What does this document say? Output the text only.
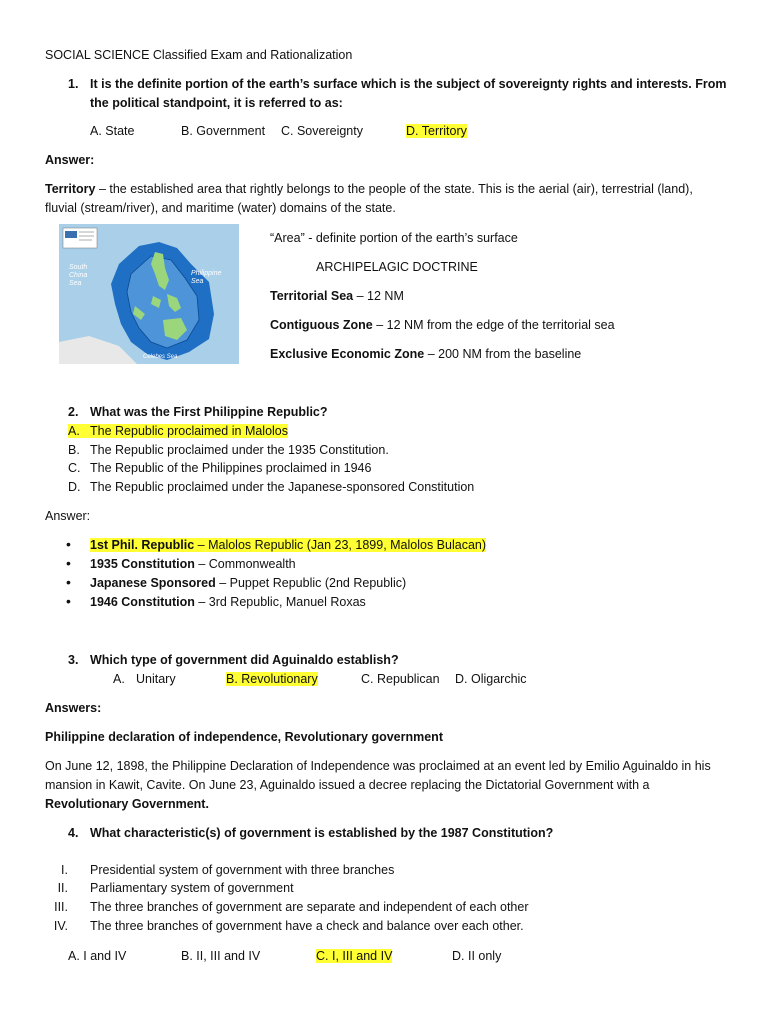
SOCIAL SCIENCE Classified Exam and Rationalization
1. It is the definite portion of the earth’s surface which is the subject of sovereignty rights and interests. From
the political standpoint, it is referred to as:
A. State	B. Government C. Sovereignty	D. Territory
Answer:
Territory – the established area that rightly belongs to the people of the state. This is the aerial (air), terrestrial (land),
fluvial (stream/river), and maritime (water) domains of the state.
South
China
Sea
Philippine
Sea
Celebes Sea
“Area” - definite portion of the earth’s surface
ARCHIPELAGIC DOCTRINE
Territorial Sea – 12 NM
Contiguous Zone – 12 NM from the edge of the territorial sea
Exclusive Economic Zone – 200 NM from the baseline
2. What was the First Philippine Republic?
A. The Republic proclaimed in Malolos
B. The Republic proclaimed under the 1935 Constitution.
C. The Republic of the Philippines proclaimed in 1946
D. The Republic proclaimed under the Japanese-sponsored Constitution
Answer:
• 1st Phil. Republic – Malolos Republic (Jan 23, 1899, Malolos Bulacan)
• 1935 Constitution – Commonwealth
• Japanese Sponsored – Puppet Republic (2nd Republic)
• 1946 Constitution – 3rd Republic, Manuel Roxas
3. Which type of government did Aguinaldo establish?
A. Unitary	B. Revolutionary	C. Republican D. Oligarchic
Answers:
Philippine declaration of independence, Revolutionary government
On June 12, 1898, the Philippine Declaration of Independence was proclaimed at an event led by Emilio Aguinaldo in his
mansion in Kawit, Cavite. On June 23, Aguinaldo issued a decree replacing the Dictatorial Government with a
Revolutionary Government.
4. What characteristic(s) of government is established by the 1987 Constitution?
I. Presidential system of government with three branches
II. Parliamentary system of government
III. The three branches of government are separate and independent of each other
IV. The three branches of government have a check and balance over each other.
A. I and IV	B. II, III and IV	C. I, III and IV	D. II only
